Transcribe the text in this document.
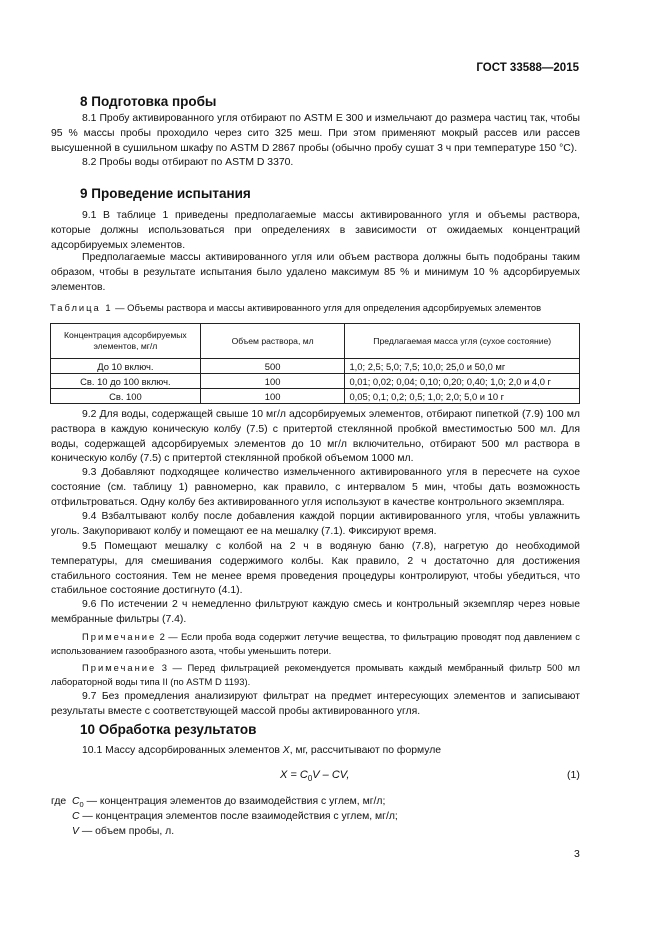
ГОСТ 33588—2015
8 Подготовка пробы

8.1 Пробу активированного угля отбирают по ASTM E 300 и измельчают до размера частиц так, чтобы 95 % массы пробы проходило через сито 325 меш. При этом применяют мокрый рассев или рассев высушенной в сушильном шкафу по ASTM D 2867 пробы (обычно пробу сушат 3 ч при температуре 150 °C).

8.2 Пробы воды отбирают по ASTM D 3370.

9 Проведение испытания

9.1 В таблице 1 приведены предполагаемые массы активированного угля и объемы раствора, которые должны использоваться при определениях в зависимости от ожидаемых концентраций адсорбируемых элементов.

Предполагаемые массы активированного угля или объем раствора должны быть подобраны таким образом, чтобы в результате испытания было удалено максимум 85 % и минимум 10 % адсорбируемых элементов.

Таблица 1 — Объемы раствора и массы активированного угля для определения адсорбируемых элементов
Концентрация адсорбируемых элементов, мг/л	Объем раствора, мл	Предлагаемая масса угля (сухое состояние)
До 10 включ.	500	1,0; 2,5; 5,0; 7,5; 10,0; 25,0 и 50,0 мг
Св. 10 до 100 включ.	100	0,01; 0,02; 0,04; 0,10; 0,20; 0,40; 1,0; 2,0 и 4,0 г
Св. 100	100	0,05; 0,1; 0,2; 0,5; 1,0; 2,0; 5,0 и 10 г

9.2 Для воды, содержащей свыше 10 мг/л адсорбируемых элементов, отбирают пипеткой (7.9) 100 мл раствора в каждую коническую колбу (7.5) с притертой стеклянной пробкой вместимостью 500 мл. Для воды, содержащей адсорбируемых элементов до 10 мг/л включительно, отбирают 500 мл раствора в коническую колбу (7.5) с притертой стеклянной пробкой объемом 1000 мл.

9.3 Добавляют подходящее количество измельченного активированного угля в пересчете на сухое состояние (см. таблицу 1) равномерно, как правило, с интервалом 5 мин, чтобы дать возможность отфильтроваться. Одну колбу без активированного угля используют в качестве контрольного экземпляра.

9.4 Взбалтывают колбу после добавления каждой порции активированного угля, чтобы увлажнить уголь. Закупоривают колбу и помещают ее на мешалку (7.1). Фиксируют время.

9.5 Помещают мешалку с колбой на 2 ч в водяную баню (7.8), нагретую до необходимой температуры, для смешивания содержимого колбы. Как правило, 2 ч достаточно для достижения стабильного состояния. Тем не менее время проведения процедуры контролируют, чтобы убедиться, что стабильное состояние достигнуто (4.1).

9.6 По истечении 2 ч немедленно фильтруют каждую смесь и контрольный экземпляр через новые мембранные фильтры (7.4).

Примечание 2 — Если проба вода содержит летучие вещества, то фильтрацию проводят под давлением с использованием газообразного азота, чтобы уменьшить потери.

Примечание 3 — Перед фильтрацией рекомендуется промывать каждый мембранный фильтр 500 мл лабораторной воды типа II (по ASTM D 1193).

9.7 Без промедления анализируют фильтрат на предмет интересующих элементов и записывают результаты вместе с соответствующей массой пробы активированного угля.

10 Обработка результатов

10.1 Массу адсорбированных элементов X, мг, рассчитывают по формуле

$X = C_0V$ – CV,	(1)
где $C_0$ — концентрация элементов до взаимодействия с углем, мг/л;
C — концентрация элементов после взаимодействия с углем, мг/л;
V — объем пробы, л.
3
